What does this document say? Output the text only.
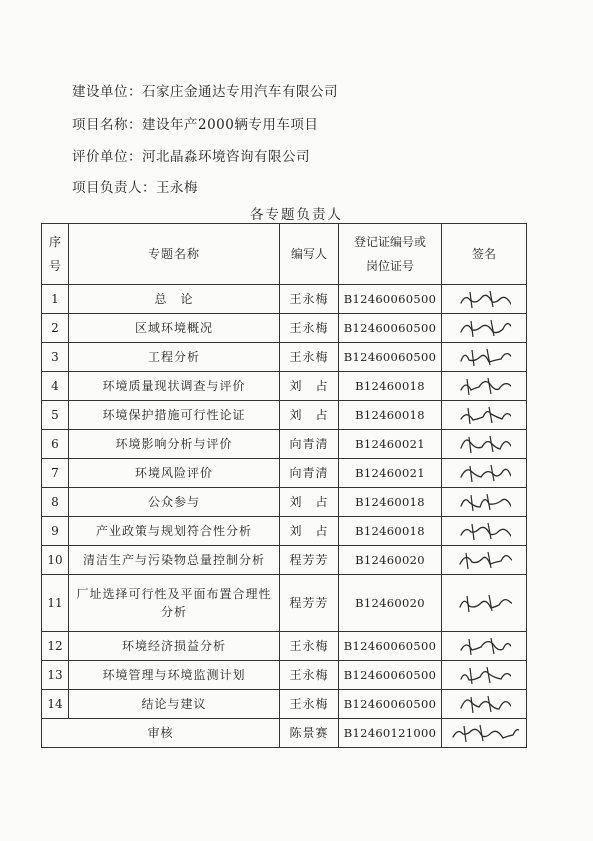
建设单位：石家庄金通达专用汽车有限公司
项目名称：建设年产2000辆专用车项目
评价单位：河北晶淼环境咨询有限公司
项目负责人：王永梅
各专题负责人
序号	专题名称	编写人	登记证编号或岗位证号	签名
1	总　论	王永梅	B12460060500	

2	区域环境概况	王永梅	B12460060500	

3	工程分析	王永梅	B12460060500	

4	环境质量现状调查与评价	刘　占	B12460018	

5	环境保护措施可行性论证	刘　占	B12460018	

6	环境影响分析与评价	向青清	B12460021	

7	环境风险评价	向青清	B12460021	

8	公众参与	刘　占	B12460018	

9	产业政策与规划符合性分析	刘　占	B12460018	

10	清洁生产与污染物总量控制分析	程芳芳	B12460020	

11	厂址选择可行性及平面布置合理性分析	程芳芳	B12460020	

12	环境经济损益分析	王永梅	B12460060500	

13	环境管理与环境监测计划	王永梅	B12460060500	

14	结论与建议	王永梅	B12460060500	

审核		陈景赛	B12460121000	
